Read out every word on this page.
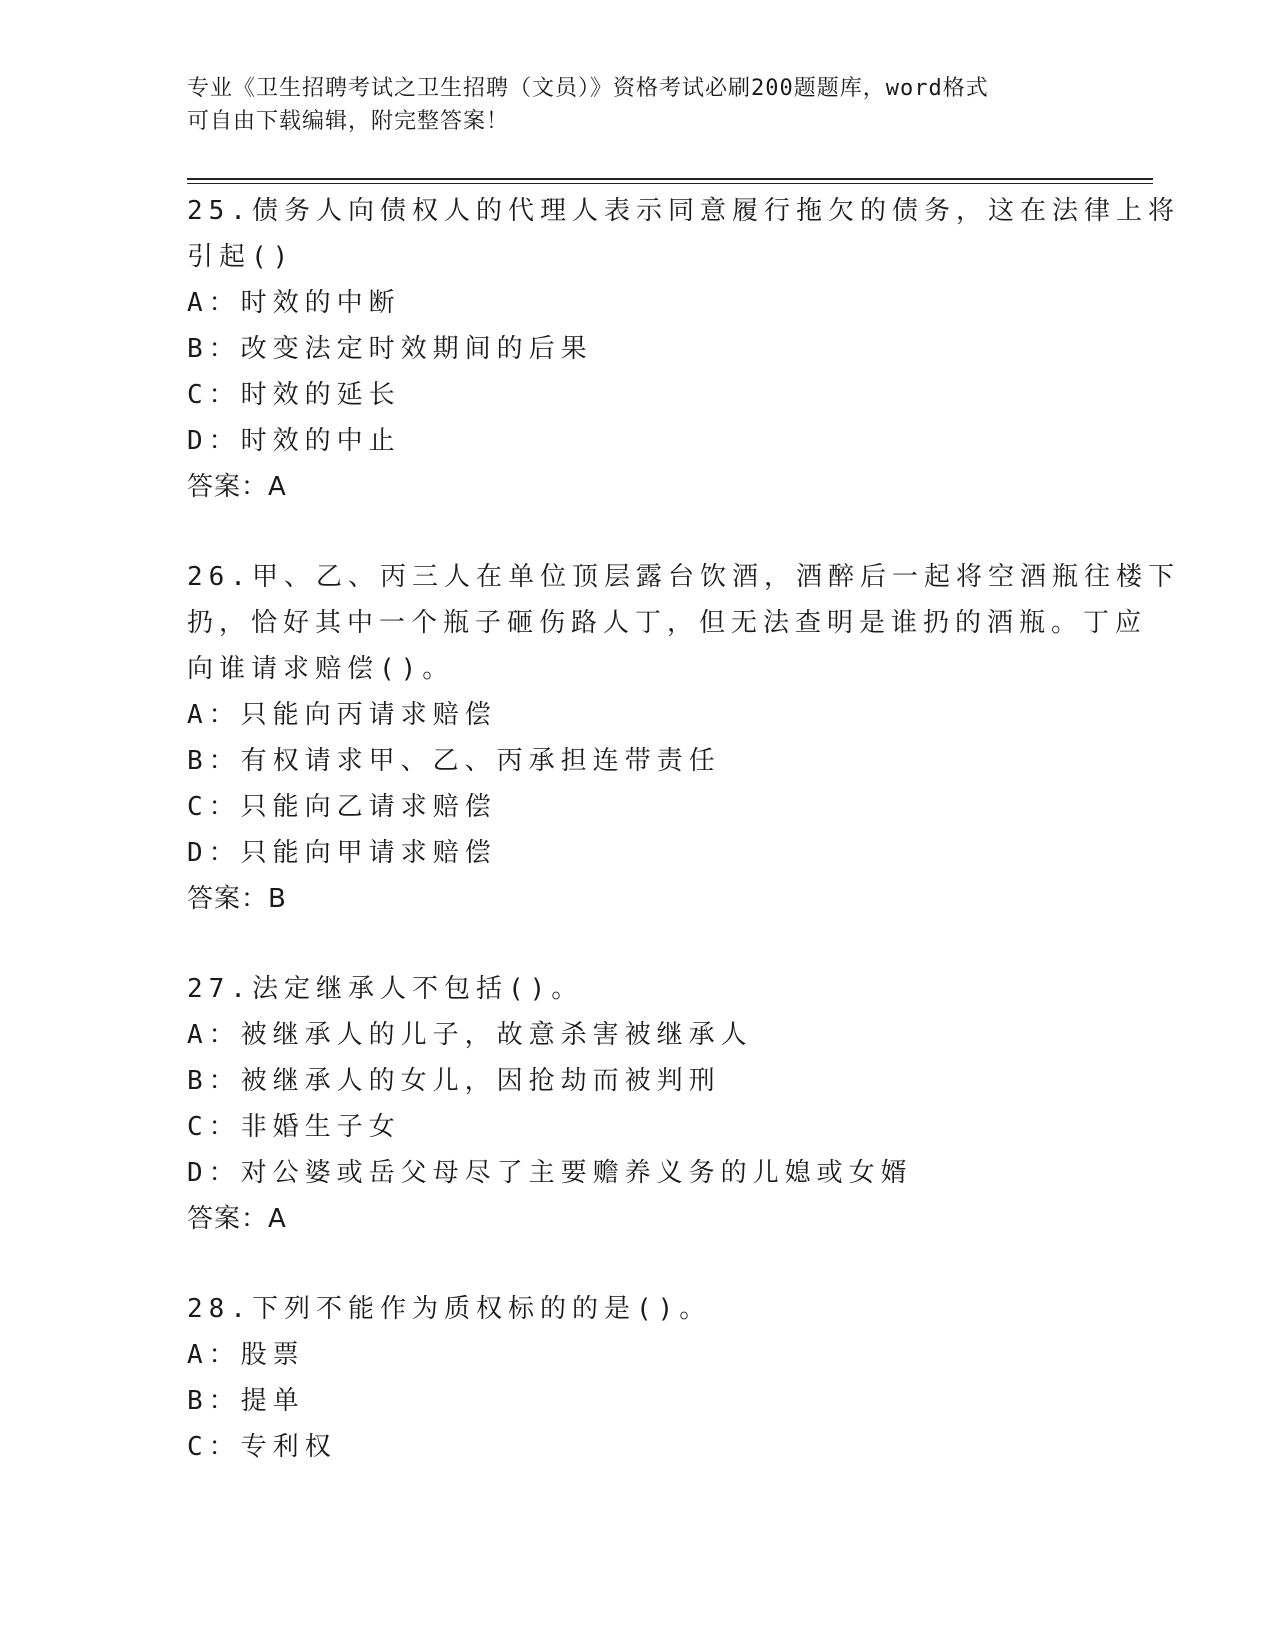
专业《卫生招聘考试之卫生招聘（文员）》资格考试必刷200题题库，word格式
可自由下载编辑，附完整答案！
25.债务人向债权人的代理人表示同意履行拖欠的债务，这在法律上将
引起()
A：时效的中断
B：改变法定时效期间的后果
C：时效的延长
D：时效的中止
答案：A
26.甲、乙、丙三人在单位顶层露台饮酒，酒醉后一起将空酒瓶往楼下
扔，恰好其中一个瓶子砸伤路人丁，但无法查明是谁扔的酒瓶。丁应
向谁请求赔偿()。
A：只能向丙请求赔偿
B：有权请求甲、乙、丙承担连带责任
C：只能向乙请求赔偿
D：只能向甲请求赔偿
答案：B
27.法定继承人不包括()。
A：被继承人的儿子，故意杀害被继承人
B：被继承人的女儿，因抢劫而被判刑
C：非婚生子女
D：对公婆或岳父母尽了主要赡养义务的儿媳或女婿
答案：A
28.下列不能作为质权标的的是()。
A：股票
B：提单
C：专利权
